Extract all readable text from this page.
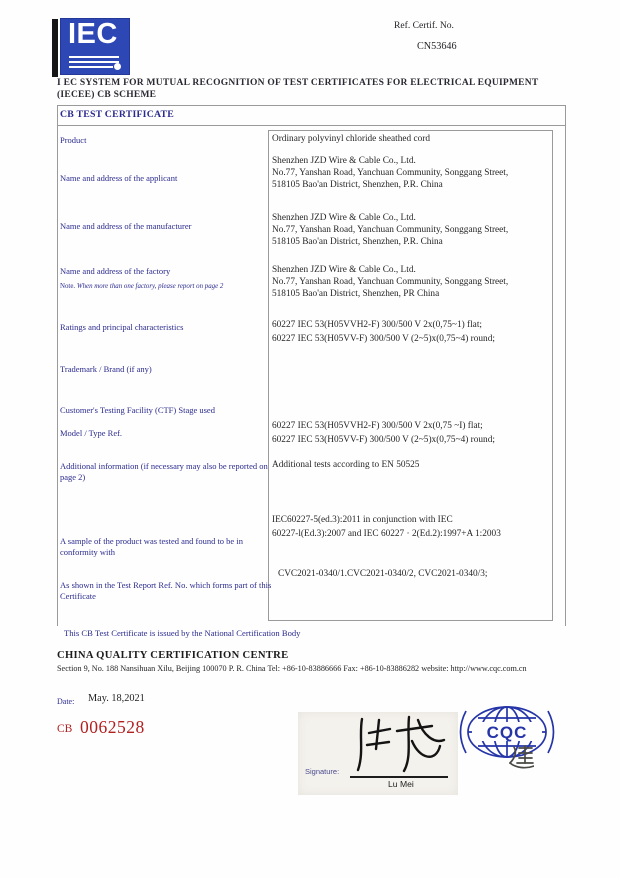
IEC	Ref. Certif. No.
CN53646
I EC SYSTEM FOR MUTUAL RECOGNITION OF TEST CERTIFICATES FOR ELECTRICAL EQUIPMENT
(IECEE) CB SCHEME
CB TEST CERTIFICATE
Product
Name and address of the applicant
Name and address of the manufacturer
Name and address of the factory
Note. When more than one factory, please report on page 2
Ratings and principal characteristics
Trademark / Brand (if any)
Customer's Testing Facility (CTF) Stage used
Model / Type Ref.
Additional information (if necessary may also be reported on page 2)
A sample of the product was tested and found to be in conformity with
As shown in the Test Report Ref. No. which forms part of this Certificate
Ordinary polyvinyl chloride sheathed cord
Shenzhen JZD Wire & Cable Co., Ltd.
No.77, Yanshan Road, Yanchuan Community, Songgang Street,
518105 Bao'an District, Shenzhen, P.R. China
Shenzhen JZD Wire & Cable Co., Ltd.
No.77, Yanshan Road, Yanchuan Community, Songgang Street,
518105 Bao'an District, Shenzhen, P.R. China
Shenzhen JZD Wire & Cable Co., Ltd.
No.77, Yanshan Road, Yanchuan Community, Songgang Street,
518105 Bao'an District, Shenzhen, PR China
60227 IEC 53(H05VVH2-F) 300/500 V 2x(0,75~1) flat;
60227 IEC 53(H05VV-F) 300/500 V (2~5)x(0,75~4) round;
60227 IEC 53(H05VVH2-F) 300/500 V 2x(0,75 ~I) flat;
60227 IEC 53(H05VV-F) 300/500 V (2~5)x(0,75~4) round;
Additional tests according to EN 50525
IEC60227-5(ed.3):2011 in conjunction with IEC
60227-l(Ed.3):2007 and IEC 60227 · 2(Ed.2):1997+A 1:2003
CVC2021-0340/1.CVC2021-0340/2, CVC2021-0340/3;
This CB Test Certificate is issued by the National Certification Body
CHINA QUALITY CERTIFICATION CENTRE
Section 9, No. 188 Nansihuan Xilu, Beijing 100070 P. R. China Tel: +86-10-83886666 Fax: +86-10-83886282 website: http://www.cqc.com.cn
Date: May. 18,2021
CB 0062528
Signature:
Lu Mei
CQC
